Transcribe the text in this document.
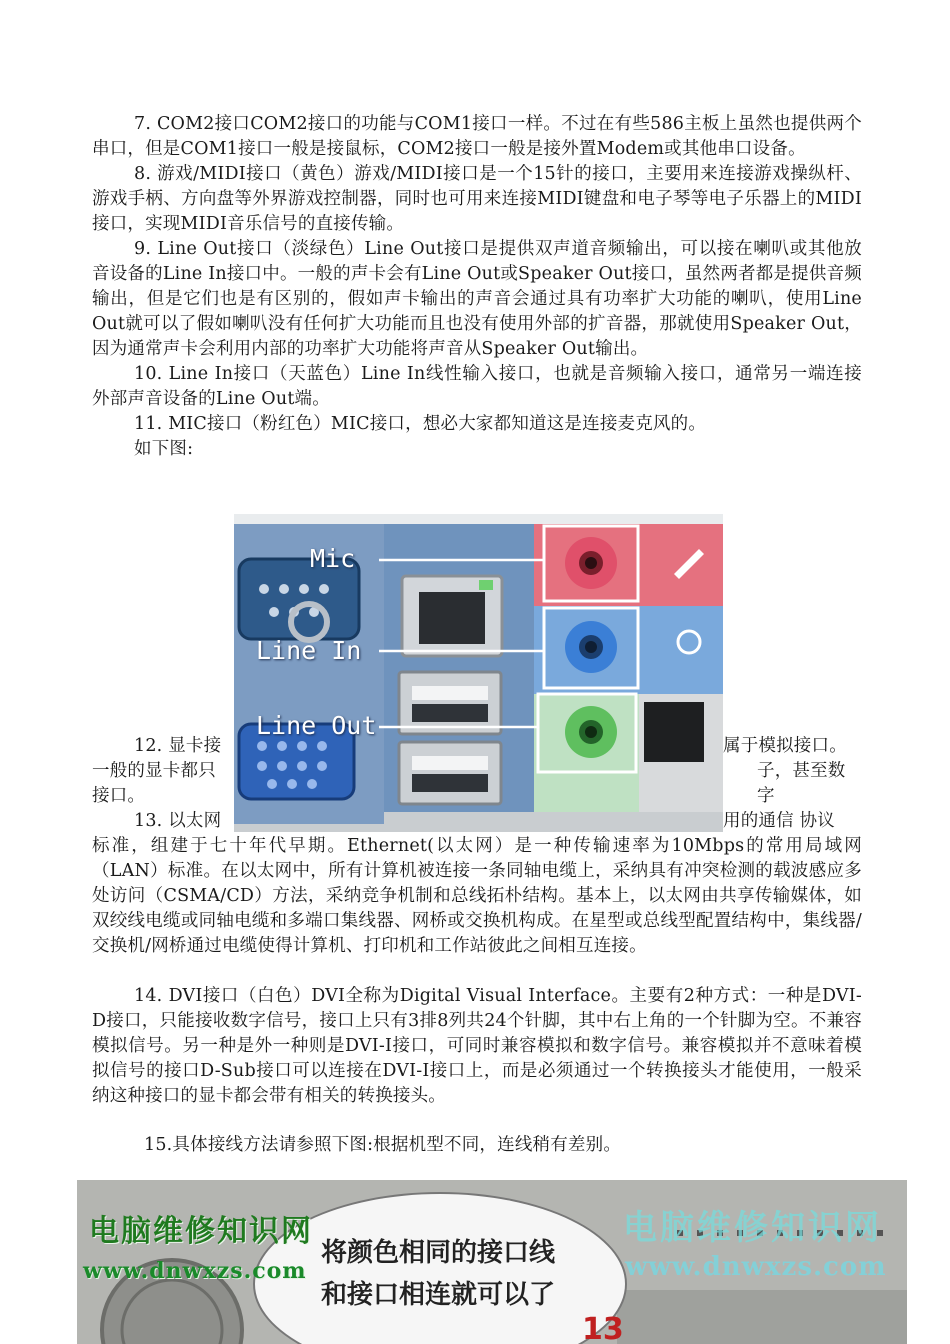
7. COM2接口COM2接口的功能与COM1接口一样。不过在有些586主板上虽然也提供两个串口，但是COM1接口一般是接鼠标，COM2接口一般是接外置Modem或其他串口设备。

8. 游戏/MIDI接口（黄色）游戏/MIDI接口是一个15针的接口，主要用来连接游戏操纵杆、游戏手柄、方向盘等外界游戏控制器，同时也可用来连接MIDI键盘和电子琴等电子乐器上的MIDI接口，实现MIDI音乐信号的直接传输。

9. Line Out接口（淡绿色）Line Out接口是提供双声道音频输出，可以接在喇叭或其他放音设备的Line In接口中。一般的声卡会有Line Out或Speaker Out接口，虽然两者都是提供音频输出，但是它们也是有区别的，假如声卡输出的声音会通过具有功率扩大功能的喇叭，使用Line Out就可以了假如喇叭没有任何扩大功能而且也没有使用外部的扩音器，那就使用Speaker Out，因为通常声卡会利用内部的功率扩大功能将声音从Speaker Out输出。

10. Line In接口（天蓝色）Line In线性输入接口，也就是音频输入接口，通常另一端连接外部声音设备的Line Out端。

11. MIC接口（粉红色）MIC接口，想必大家都知道这是连接麦克风的。

如下图:

12. 显卡接	属于模拟接口。
一般的显卡都只	子，甚至数字
接口。
13. 以太网	用的通信 协议

标准，组建于七十年代早期。Ethernet(以太网）是一种传输速率为10Mbps的常用局域网（LAN）标准。在以太网中，所有计算机被连接一条同轴电缆上，采纳具有冲突检测的载波感应多处访问（CSMA/CD）方法，采纳竞争机制和总线拓朴结构。基本上，以太网由共享传输媒体，如双绞线电缆或同轴电缆和多端口集线器、网桥或交换机构成。在星型或总线型配置结构中，集线器/交换机/网桥通过电缆使得计算机、打印机和工作站彼此之间相互连接。

14. DVI接口（白色）DVI全称为Digital Visual Interface。主要有2种方式：一种是DVI-D接口，只能接收数字信号，接口上只有3排8列共24个针脚，其中右上角的一个针脚为空。不兼容模拟信号。另一种是外一种则是DVI-I接口，可同时兼容模拟和数字信号。兼容模拟并不意味着模拟信号的接口D-Sub接口可以连接在DVI-I接口上，而是必须通过一个转换接头才能使用，一般采纳这种接口的显卡都会带有相关的转换接头。

15.具体接线方法请参照下图:根据机型不同，连线稍有差别。

Mic
Line In
Line Out
将颜色相同的接口线
和接口相连就可以了
电脑维修知识网
www.dnwxzs.com
电脑维修知识网
www.dnwxzs.com
13
